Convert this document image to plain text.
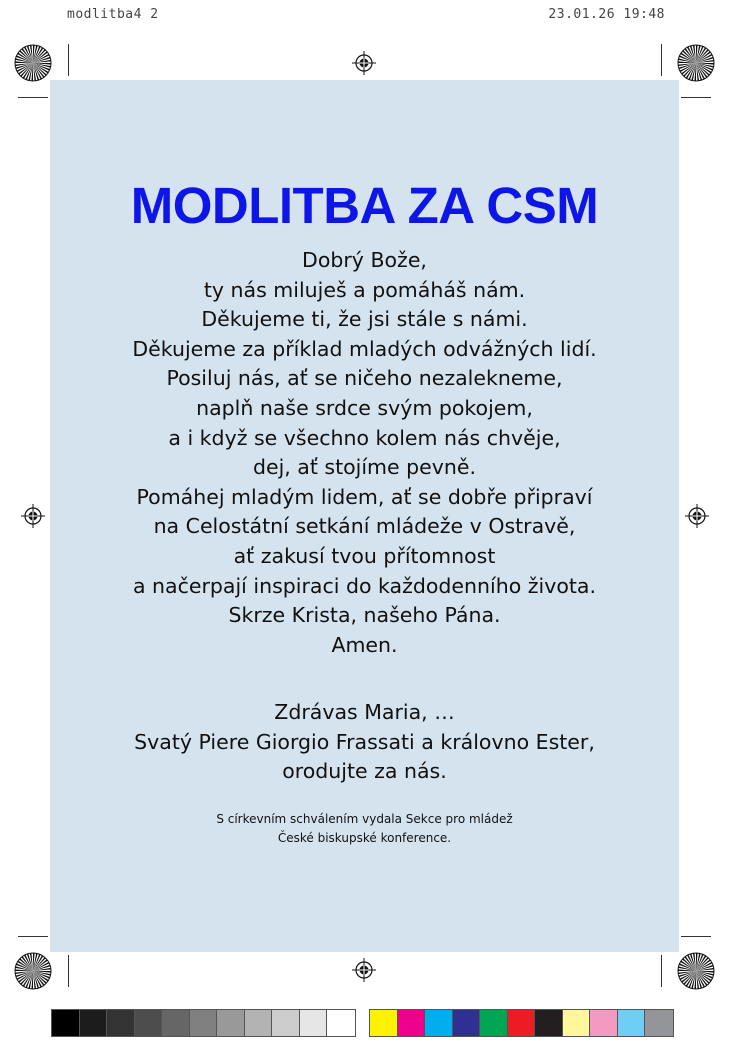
modlitba4 2	23.01.26 19:48
MODLITBA ZA CSM
Dobrý Bože,
ty nás miluješ a pomáháš nám.
Děkujeme ti, že jsi stále s námi.
Děkujeme za příklad mladých odvážných lidí.
Posiluj nás, ať se ničeho nezalekneme,
naplň naše srdce svým pokojem,
a i když se všechno kolem nás chvěje,
dej, ať stojíme pevně.
Pomáhej mladým lidem, ať se dobře připraví
na Celostátní setkání mládeže v Ostravě,
ať zakusí tvou přítomnost
a načerpají inspiraci do každodenního života.
Skrze Krista, našeho Pána.
Amen.
Zdrávas Maria, …
Svatý Piere Giorgio Frassati a královno Ester,
orodujte za nás.
S církevním schválením vydala Sekce pro mládež
České biskupské konference.
